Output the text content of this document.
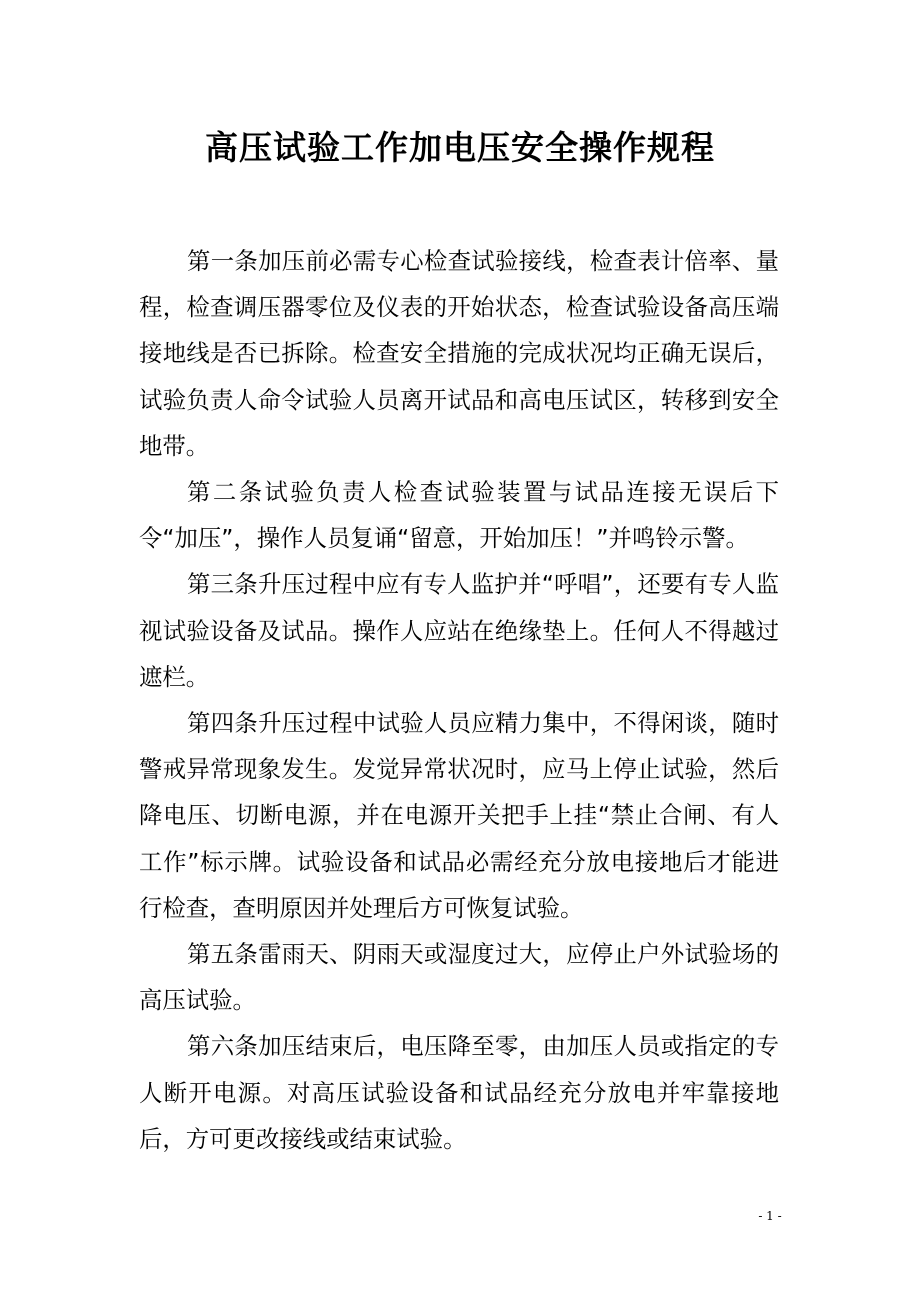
高压试验工作加电压安全操作规程

第一条加压前必需专心检查试验接线，检查表计倍率、量程，检查调压器零位及仪表的开始状态，检查试验设备高压端接地线是否已拆除。检查安全措施的完成状况均正确无误后，试验负责人命令试验人员离开试品和高电压试区，转移到安全地带。

第二条试验负责人检查试验装置与试品连接无误后下令“加压”，操作人员复诵“留意，开始加压！”并鸣铃示警。

第三条升压过程中应有专人监护并“呼唱”，还要有专人监视试验设备及试品。操作人应站在绝缘垫上。任何人不得越过遮栏。

第四条升压过程中试验人员应精力集中，不得闲谈，随时警戒异常现象发生。发觉异常状况时，应马上停止试验，然后降电压、切断电源，并在电源开关把手上挂“禁止合闸、有人工作”标示牌。试验设备和试品必需经充分放电接地后才能进行检查，查明原因并处理后方可恢复试验。

第五条雷雨天、阴雨天或湿度过大，应停止户外试验场的高压试验。

第六条加压结束后，电压降至零，由加压人员或指定的专人断开电源。对高压试验设备和试品经充分放电并牢靠接地后，方可更改接线或结束试验。

- 1 -
